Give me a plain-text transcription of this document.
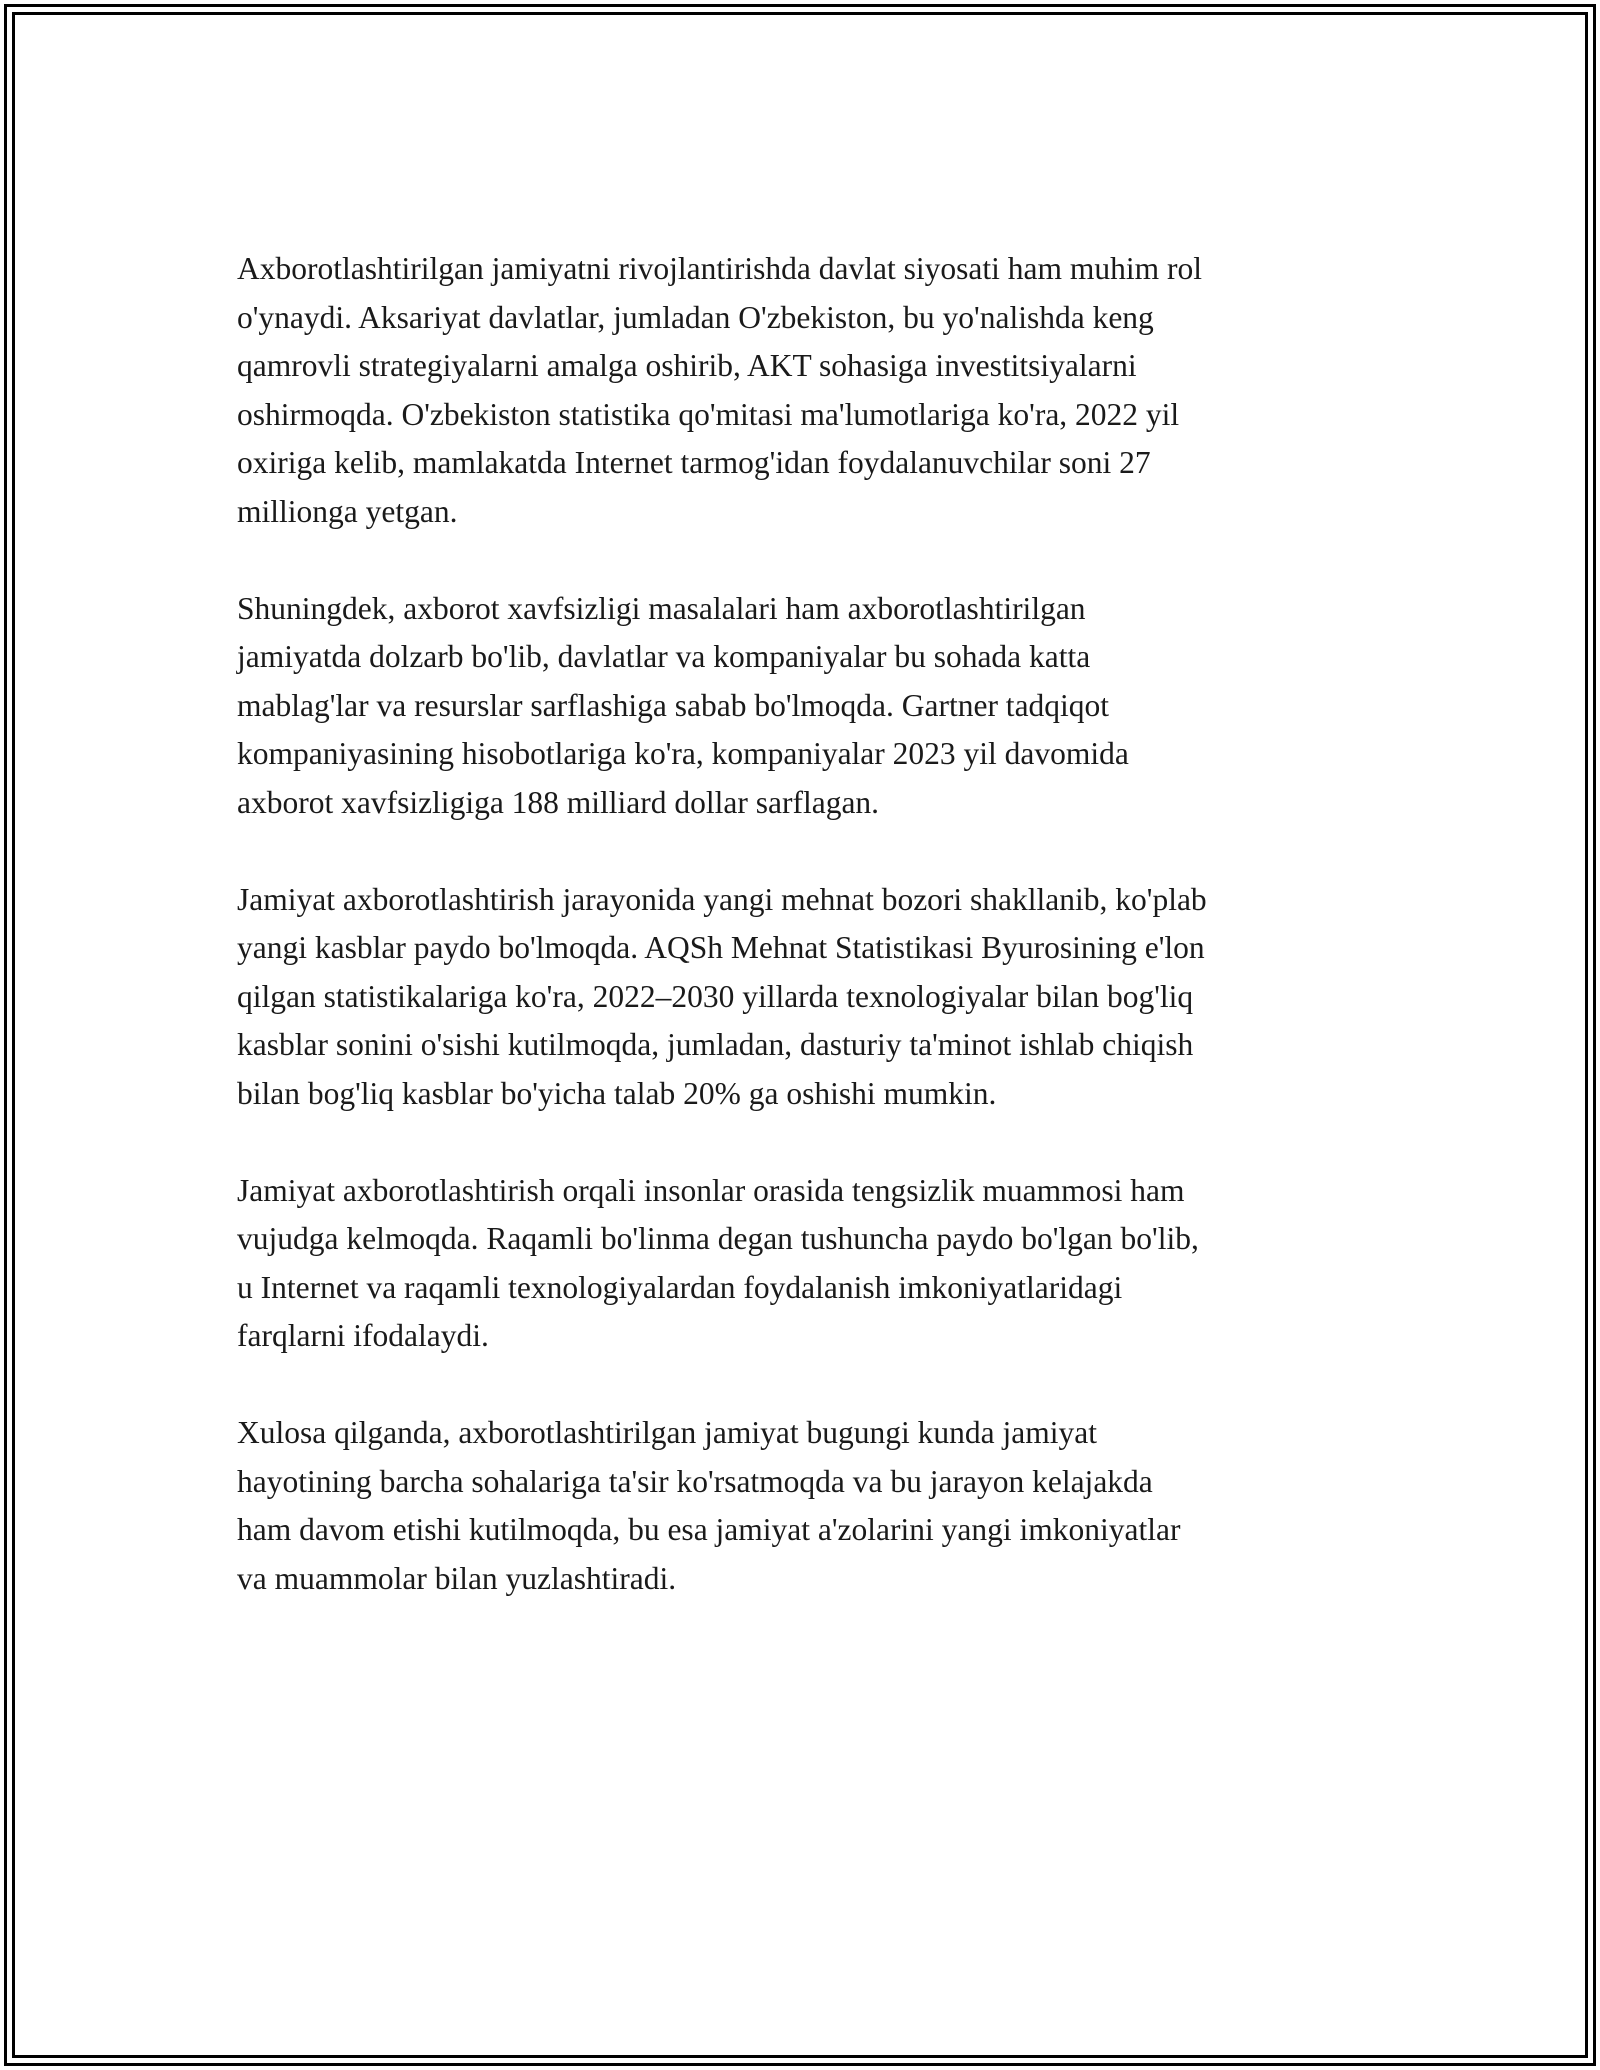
Axborotlashtirilgan jamiyatni rivojlantirishda davlat siyosati ham muhim rol
o'ynaydi. Aksariyat davlatlar, jumladan O'zbekiston, bu yo'nalishda keng
qamrovli strategiyalarni amalga oshirib, AKT sohasiga investitsiyalarni
oshirmoqda. O'zbekiston statistika qo'mitasi ma'lumotlariga ko'ra, 2022 yil
oxiriga kelib, mamlakatda Internet tarmog'idan foydalanuvchilar soni 27
millionga yetgan.

Shuningdek, axborot xavfsizligi masalalari ham axborotlashtirilgan
jamiyatda dolzarb bo'lib, davlatlar va kompaniyalar bu sohada katta
mablag'lar va resurslar sarflashiga sabab bo'lmoqda. Gartner tadqiqot
kompaniyasining hisobotlariga ko'ra, kompaniyalar 2023 yil davomida
axborot xavfsizligiga 188 milliard dollar sarflagan.

Jamiyat axborotlashtirish jarayonida yangi mehnat bozori shakllanib, ko'plab
yangi kasblar paydo bo'lmoqda. AQSh Mehnat Statistikasi Byurosining e'lon
qilgan statistikalariga ko'ra, 2022–2030 yillarda texnologiyalar bilan bog'liq
kasblar sonini o'sishi kutilmoqda, jumladan, dasturiy ta'minot ishlab chiqish
bilan bog'liq kasblar bo'yicha talab 20% ga oshishi mumkin.

Jamiyat axborotlashtirish orqali insonlar orasida tengsizlik muammosi ham
vujudga kelmoqda. Raqamli bo'linma degan tushuncha paydo bo'lgan bo'lib,
u Internet va raqamli texnologiyalardan foydalanish imkoniyatlaridagi
farqlarni ifodalaydi.

Xulosa qilganda, axborotlashtirilgan jamiyat bugungi kunda jamiyat
hayotining barcha sohalariga ta'sir ko'rsatmoqda va bu jarayon kelajakda
ham davom etishi kutilmoqda, bu esa jamiyat a'zolarini yangi imkoniyatlar
va muammolar bilan yuzlashtiradi.
